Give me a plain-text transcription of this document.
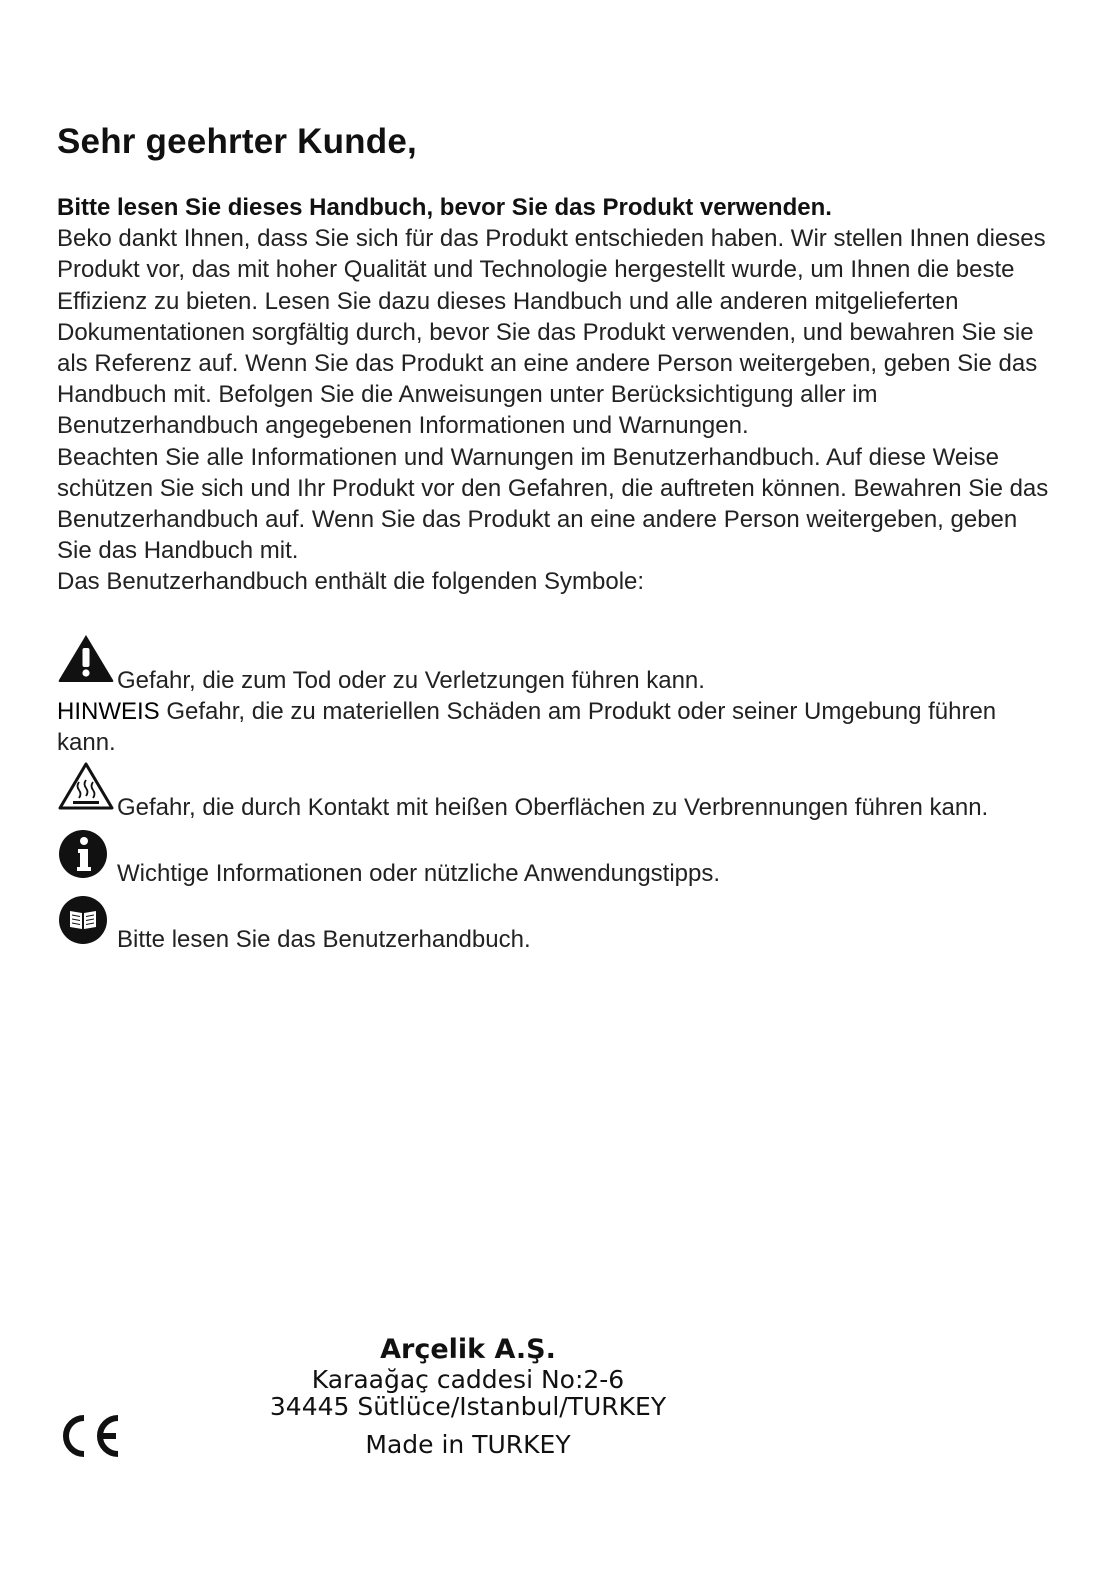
Sehr geehrter Kunde,
Bitte lesen Sie dieses Handbuch, bevor Sie das Produkt verwenden.
Beko dankt Ihnen, dass Sie sich für das Produkt entschieden haben. Wir stellen Ihnen dieses Produkt vor, das mit hoher Qualität und Technologie hergestellt wurde, um Ihnen die beste Effizienz zu bieten. Lesen Sie dazu dieses Handbuch und alle anderen mitgelieferten Dokumentationen sorgfältig durch, bevor Sie das Produkt verwenden, und bewahren Sie sie als Referenz auf. Wenn Sie das Produkt an eine andere Person weitergeben, geben Sie das Handbuch mit. Befolgen Sie die Anweisungen unter Berücksichtigung aller im Benutzerhandbuch angegebenen Informationen und Warnungen.
Beachten Sie alle Informationen und Warnungen im Benutzerhandbuch. Auf diese Weise schützen Sie sich und Ihr Produkt vor den Gefahren, die auftreten können. Bewahren Sie das Benutzerhandbuch auf. Wenn Sie das Produkt an eine andere Person weitergeben, geben Sie das Handbuch mit.
Das Benutzerhandbuch enthält die folgenden Symbole:
Gefahr, die zum Tod oder zu Verletzungen führen kann.
HINWEIS Gefahr, die zu materiellen Schäden am Produkt oder seiner Umgebung führen kann.
Gefahr, die durch Kontakt mit heißen Oberflächen zu Verbrennungen führen kann.
Wichtige Informationen oder nützliche Anwendungstipps.
Bitte lesen Sie das Benutzerhandbuch.
Arçelik A.Ş.
Karaağaç caddesi No:2-6
34445 Sütlüce/Istanbul/TURKEY
Made in TURKEY
